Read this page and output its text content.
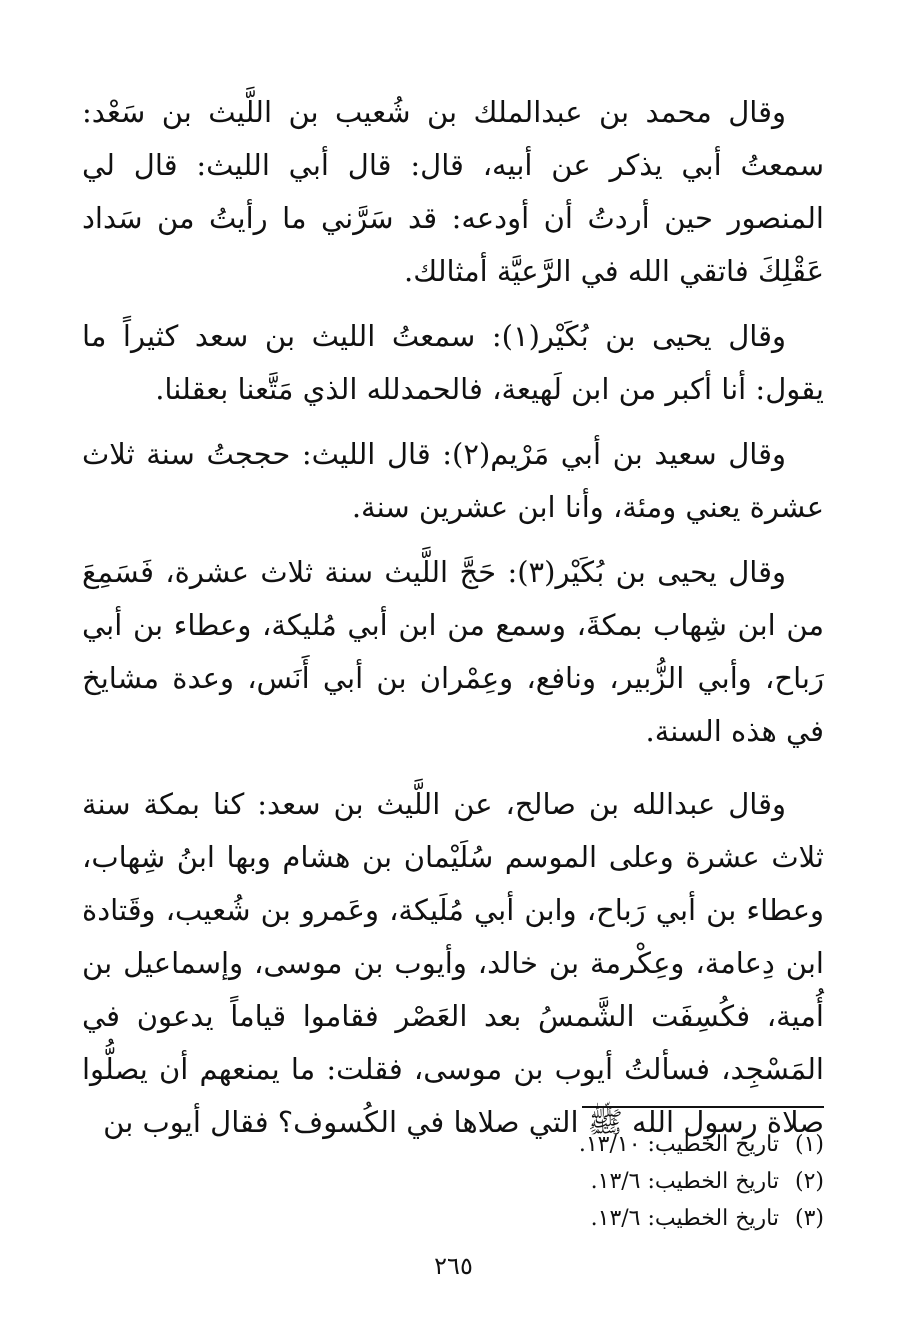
وقال محمد بن عبدالملك بن شُعيب بن اللَّيث بن سَعْد: سمعتُ أبي يذكر عن أبيه، قال: قال أبي الليث: قال لي المنصور حين أردتُ أن أودعه: قد سَرَّني ما رأيتُ من سَداد عَقْلِكَ فاتقي الله في الرَّعيَّة أمثالك.

وقال يحيى بن بُكَيْر(١): سمعتُ الليث بن سعد كثيراً ما يقول: أنا أكبر من ابن لَهيعة، فالحمدلله الذي مَتَّعنا بعقلنا.

وقال سعيد بن أبي مَرْيم(٢): قال الليث: حججتُ سنة ثلاث عشرة يعني ومئة، وأنا ابن عشرين سنة.

وقال يحيى بن بُكَيْر(٣): حَجَّ اللَّيث سنة ثلاث عشرة، فَسَمِعَ من ابن شِهاب بمكةَ، وسمع من ابن أبي مُليكة، وعطاء بن أبي رَباح، وأبي الزُّبير، ونافع، وعِمْران بن أبي أَنَس، وعدة مشايخ في هذه السنة.

وقال عبدالله بن صالح، عن اللَّيث بن سعد: كنا بمكة سنة ثلاث عشرة وعلى الموسم سُلَيْمان بن هشام وبها ابنُ شِهاب، وعطاء بن أبي رَباح، وابن أبي مُلَيكة، وعَمرو بن شُعيب، وقَتادة ابن دِعامة، وعِكْرمة بن خالد، وأيوب بن موسى، وإسماعيل بن أُمية، فكُسِفَت الشَّمسُ بعد العَصْر فقاموا قياماً يدعون في المَسْجِد، فسألتُ أيوب بن موسى، فقلت: ما يمنعهم أن يصلُّوا صلاة رسول الله ﷺ التي صلاها في الكُسوف؟ فقال أيوب بن

(١) تاريخ الخطيب: ١٣/١٠.
(٢) تاريخ الخطيب: ١٣/٦.
(٣) تاريخ الخطيب: ١٣/٦.
٢٦٥
